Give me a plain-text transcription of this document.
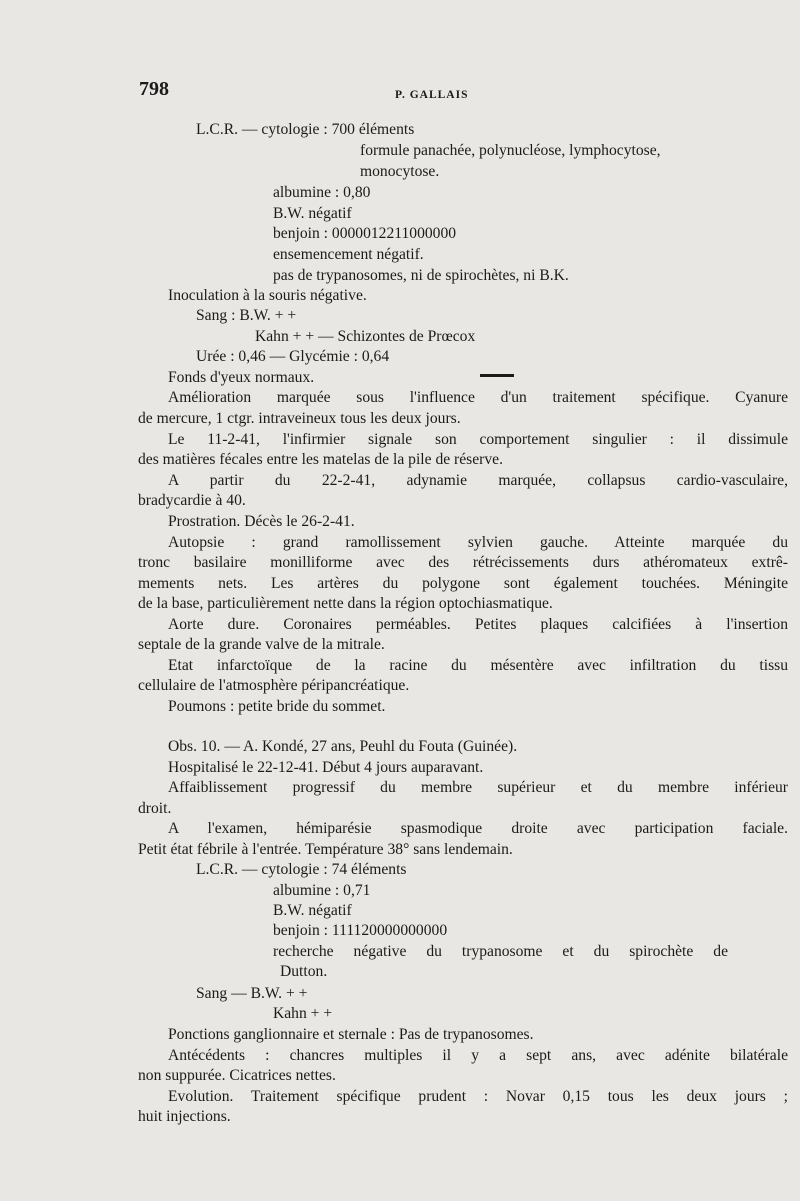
798	P. GALLAIS
L.C.R. — cytologie : 700 éléments
formule panachée, polynucléose, lymphocytose,
monocytose.
albumine : 0,80
B.W. négatif
benjoin : 0000012211000000
ensemencement négatif.
pas de trypanosomes, ni de spirochètes, ni B.K.
Inoculation à la souris négative.
Sang : B.W. + +
Kahn + + — Schizontes de Prœcox
Urée : 0,46 — Glycémie : 0,64
Fonds d'yeux normaux.
Amélioration marquée sous l'influence d'un traitement spécifique. Cyanure
de mercure, 1 ctgr. intraveineux tous les deux jours.
Le 11-2-41, l'infirmier signale son comportement singulier : il dissimule
des matières fécales entre les matelas de la pile de réserve.
A partir du 22-2-41, adynamie marquée, collapsus cardio-vasculaire,
bradycardie à 40.
Prostration. Décès le 26-2-41.
Autopsie : grand ramollissement sylvien gauche. Atteinte marquée du
tronc basilaire monilliforme avec des rétrécissements durs athéromateux extrê-
mements nets. Les artères du polygone sont également touchées. Méningite
de la base, particulièrement nette dans la région optochiasmatique.
Aorte dure. Coronaires perméables. Petites plaques calcifiées à l'insertion
septale de la grande valve de la mitrale.
Etat infarctoïque de la racine du mésentère avec infiltration du tissu
cellulaire de l'atmosphère péripancréatique.
Poumons : petite bride du sommet.
Obs. 10. — A. Kondé, 27 ans, Peuhl du Fouta (Guinée).
Hospitalisé le 22-12-41. Début 4 jours auparavant.
Affaiblissement progressif du membre supérieur et du membre inférieur
droit.
A l'examen, hémiparésie spasmodique droite avec participation faciale.
Petit état fébrile à l'entrée. Température 38° sans lendemain.
L.C.R. — cytologie : 74 éléments
albumine : 0,71
B.W. négatif
benjoin : 111120000000000
recherche négative du trypanosome et du spirochète de
Dutton.
Sang — B.W. + +
Kahn + +
Ponctions ganglionnaire et sternale : Pas de trypanosomes.
Antécédents : chancres multiples il y a sept ans, avec adénite bilatérale
non suppurée. Cicatrices nettes.
Evolution. Traitement spécifique prudent : Novar 0,15 tous les deux jours ;
huit injections.
